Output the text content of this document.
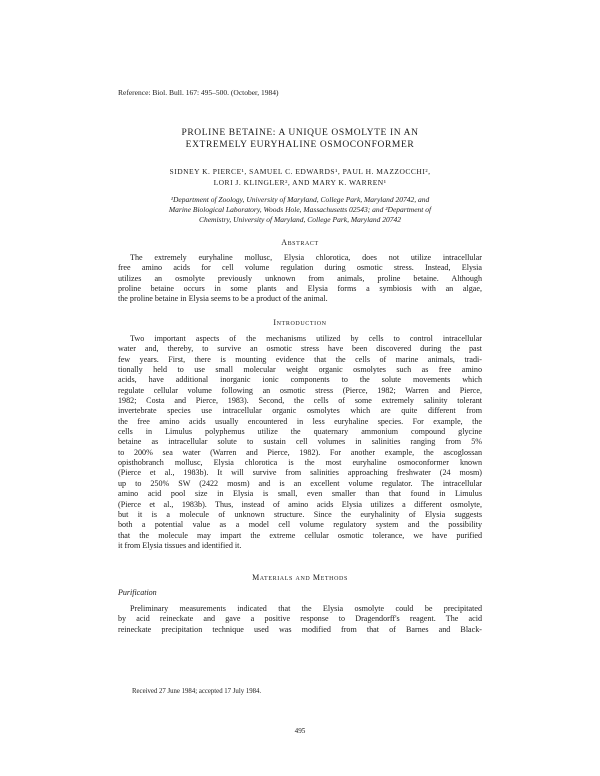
Reference: Biol. Bull. 167: 495–500. (October, 1984)
PROLINE BETAINE: A UNIQUE OSMOLYTE IN AN
EXTREMELY EURYHALINE OSMOCONFORMER
SIDNEY K. PIERCE¹, SAMUEL C. EDWARDS¹, PAUL H. MAZZOCCHI²,
LORI J. KLINGLER², AND MARY K. WARREN¹
¹Department of Zoology, University of Maryland, College Park, Maryland 20742, and
Marine Biological Laboratory, Woods Hole, Massachusetts 02543; and ²Department of
Chemistry, University of Maryland, College Park, Maryland 20742
Abstract
The extremely euryhaline mollusc, Elysia chlorotica, does not utilize intracellular
free amino acids for cell volume regulation during osmotic stress. Instead, Elysia
utilizes an osmolyte previously unknown from animals, proline betaine. Although
proline betaine occurs in some plants and Elysia forms a symbiosis with an algae,
the proline betaine in Elysia seems to be a product of the animal.
Introduction
Two important aspects of the mechanisms utilized by cells to control intracellular
water and, thereby, to survive an osmotic stress have been discovered during the past
few years. First, there is mounting evidence that the cells of marine animals, tradi-
tionally held to use small molecular weight organic osmolytes such as free amino
acids, have additional inorganic ionic components to the solute movements which
regulate cellular volume following an osmotic stress (Pierce, 1982; Warren and Pierce,
1982; Costa and Pierce, 1983). Second, the cells of some extremely salinity tolerant
invertebrate species use intracellular organic osmolytes which are quite different from
the free amino acids usually encountered in less euryhaline species. For example, the
cells in Limulus polyphemus utilize the quaternary ammonium compound glycine
betaine as intracellular solute to sustain cell volumes in salinities ranging from 5%
to 200% sea water (Warren and Pierce, 1982). For another example, the ascoglossan
opisthobranch mollusc, Elysia chlorotica is the most euryhaline osmoconformer known
(Pierce et al., 1983b). It will survive from salinities approaching freshwater (24 mosm)
up to 250% SW (2422 mosm) and is an excellent volume regulator. The intracellular
amino acid pool size in Elysia is small, even smaller than that found in Limulus
(Pierce et al., 1983b). Thus, instead of amino acids Elysia utilizes a different osmolyte,
but it is a molecule of unknown structure. Since the euryhalinity of Elysia suggests
both a potential value as a model cell volume regulatory system and the possibility
that the molecule may impart the extreme cellular osmotic tolerance, we have purified
it from Elysia tissues and identified it.
Materials and Methods
Purification
Preliminary measurements indicated that the Elysia osmolyte could be precipitated
by acid reineckate and gave a positive response to Dragendorff's reagent. The acid
reineckate precipitation technique used was modified from that of Barnes and Black-
Received 27 June 1984; accepted 17 July 1984.
495
